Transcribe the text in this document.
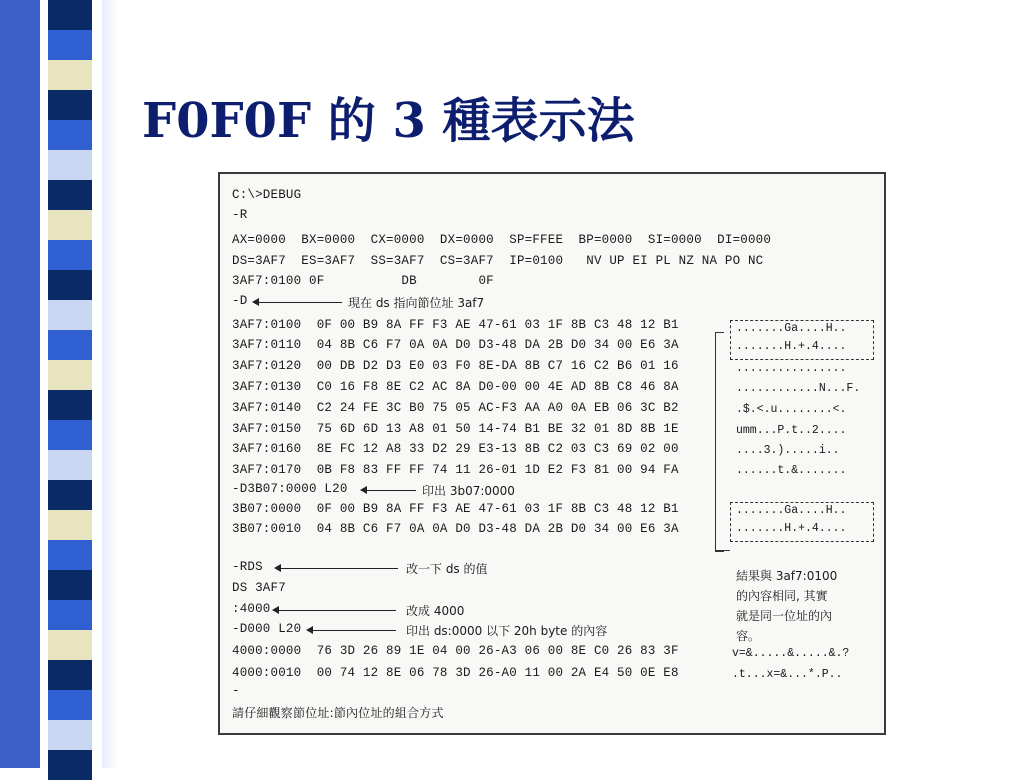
F0F0F 的 3 種表示法
C:\>DEBUG
-R
AX=0000  BX=0000  CX=0000  DX=0000  SP=FFEE  BP=0000  SI=0000  DI=0000
DS=3AF7  ES=3AF7  SS=3AF7  CS=3AF7  IP=0100   NV UP EI PL NZ NA PO NC
3AF7:0100 0F          DB        0F
-D
3AF7:0100  0F 00 B9 8A FF F3 AE 47-61 03 1F 8B C3 48 12 B1
3AF7:0110  04 8B C6 F7 0A 0A D0 D3-48 DA 2B D0 34 00 E6 3A
3AF7:0120  00 DB D2 D3 E0 03 F0 8E-DA 8B C7 16 C2 B6 01 16
3AF7:0130  C0 16 F8 8E C2 AC 8A D0-00 00 4E AD 8B C8 46 8A
3AF7:0140  C2 24 FE 3C B0 75 05 AC-F3 AA A0 0A EB 06 3C B2
3AF7:0150  75 6D 6D 13 A8 01 50 14-74 B1 BE 32 01 8D 8B 1E
3AF7:0160  8E FC 12 A8 33 D2 29 E3-13 8B C2 03 C3 69 02 00
3AF7:0170  0B F8 83 FF FF 74 11 26-01 1D E2 F3 81 00 94 FA
-D3B07:0000 L20
3B07:0000  0F 00 B9 8A FF F3 AE 47-61 03 1F 8B C3 48 12 B1
3B07:0010  04 8B C6 F7 0A 0A D0 D3-48 DA 2B D0 34 00 E6 3A
-RDS
DS 3AF7
:4000
-D000 L20
4000:0000  76 3D 26 89 1E 04 00 26-A3 06 00 8E C0 26 83 3F
4000:0010  00 74 12 8E 06 78 3D 26-A0 11 00 2A E4 50 0E E8
-
請仔細觀察節位址:節內位址的組合方式
現在 ds 指向節位址 3af7
印出 3b07:0000
改一下 ds 的值
改成 4000
印出 ds:0000 以下 20h byte 的內容
.......Ga....H..
.......H.+.4....
................
............N...F.
.$.<.u........<.
umm...P.t..2....
....3.).....i..
......t.&.......
.......Ga....H..
.......H.+.4....
結果與 3af7:0100
的內容相同, 其實
就是同一位址的內
容。
v=&.....&.....&.?
.t...x=&...*.P..
